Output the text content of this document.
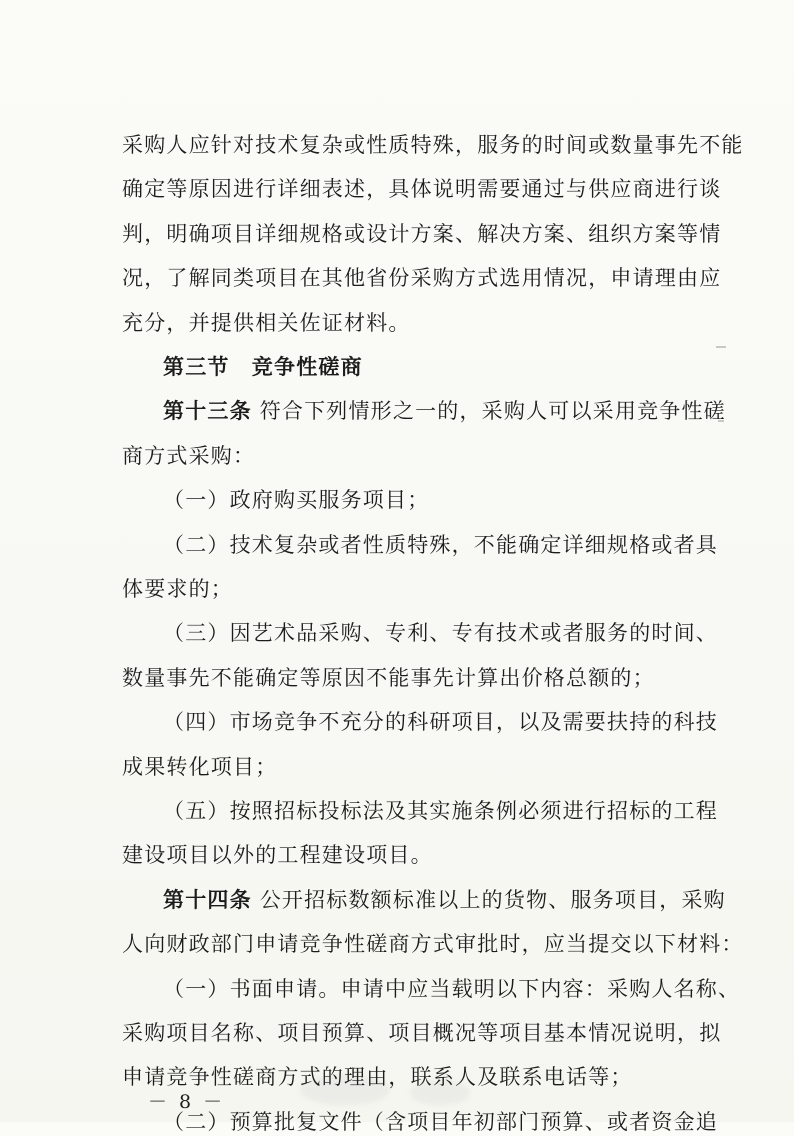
采购人应针对技术复杂或性质特殊，服务的时间或数量事先不能
确定等原因进行详细表述，具体说明需要通过与供应商进行谈
判，明确项目详细规格或设计方案、解决方案、组织方案等情
况，了解同类项目在其他省份采购方式选用情况，申请理由应
充分，并提供相关佐证材料。
第三节　竞争性磋商
第十三条 符合下列情形之一的，采购人可以采用竞争性磋
商方式采购：
（一）政府购买服务项目；
（二）技术复杂或者性质特殊，不能确定详细规格或者具
体要求的；
（三）因艺术品采购、专利、专有技术或者服务的时间、
数量事先不能确定等原因不能事先计算出价格总额的；
（四）市场竞争不充分的科研项目，以及需要扶持的科技
成果转化项目；
（五）按照招标投标法及其实施条例必须进行招标的工程
建设项目以外的工程建设项目。
第十四条 公开招标数额标准以上的货物、服务项目，采购
人向财政部门申请竞争性磋商方式审批时，应当提交以下材料：
（一）书面申请。申请中应当载明以下内容：采购人名称、
采购项目名称、项目预算、项目概况等项目基本情况说明，拟
申请竞争性磋商方式的理由，联系人及联系电话等；
（二）预算批复文件（含项目年初部门预算、或者资金追
－ 8 －
